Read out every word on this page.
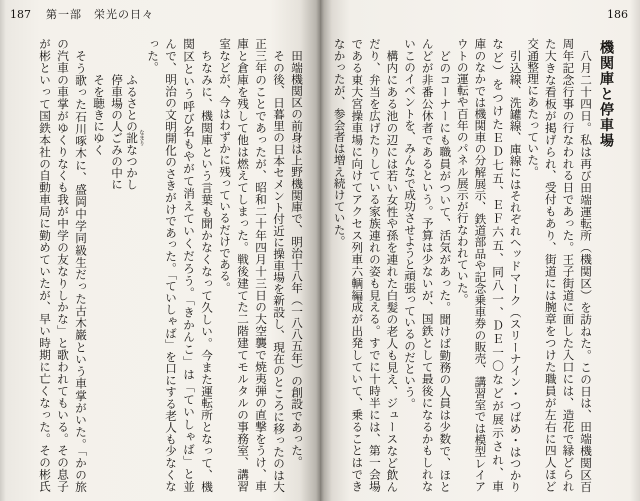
187 第一部　栄光の日々
田端機関区の前身は上野機関庫で、明治十八年（一八八五年）の創設であった。
その後、日暮里の日本セメント付近に操車場を新設し、現在のところに移ったのは大
正三年のことであったが、昭和二十年四月十三日の大空襲で焼夷弾の直撃をうけ、車
庫と倉庫を残して他は燃えてしまった。戦後建てた二階建てモルタルの事務室、講習
室などが、今はわずかに残っているだけである。
ちなみに、機関庫という言葉も聞かなくなって久しい。今また運転所となって、機
関区という呼び名もやがて消えていくだろう。「きかんこ」は「ていしゃば」と並
んで、明治の文明開化のさきがけであった。「ていしゃば」を口にする老人も少なくな
った。
ふるさとの訛 なまりなつかし
停車場の人ごみの中に
そを聴きにゆく
そう歌った石川啄木に、盛岡中学同級生だった古木巌という車掌がいた。「かの旅
の汽車の車掌がゆくりなくも我が中学の友なりしかな」と歌われてもいる。その息子
が彬といって国鉄本社の自動車局に勤めていたが、早い時期に亡くなった。その彬氏
186
機関庫と停車場
八月二十四日。私は再び田端運転所（機関区）を訪ねた。この日は、田端機関区百
周年記念行事の行なわれる日であった。王子街道に面した入口には、造花で縁どられ
た大きな看板が掲げられ、受付もあり、街道には腕章をつけた職員が左右に四人ほど
交通整理にあたっていた。
引込線、洗罐線、庫線にはそれぞれヘッドマーク（スリーナイン・つばめ・はつかり
など）をつけたＥＤ七五、ＥＦ六五、同八一、ＤＥ一〇などが展示され、車
庫のなかでは機関車の分解展示、鉄道部品や記念乗車券の販売、講習室では模型レイア
ウトの運転や百年のパネル展示が行なわれていた。
どのコーナーにも職員がついて、活気があった。聞けば勤務の人員は少数で、ほと
んどが非番公休者であるという。予算は少ないが、国鉄として最後になるかもしれな
いこのイベントを、みんなで成功させようと頑張っているのだという。
構内にある池の辺には若い女性や孫を連れた白髪の老人も見え、ジュースなど飲ん
だり、弁当を広げたりしている家族連れの姿も見える。すでに十時半には、第一会場
である東大宮操車場に向けてアクセス列車六輌編成が出発していて、乗ることはでき
なかったが、参会者は増え続けていた。
